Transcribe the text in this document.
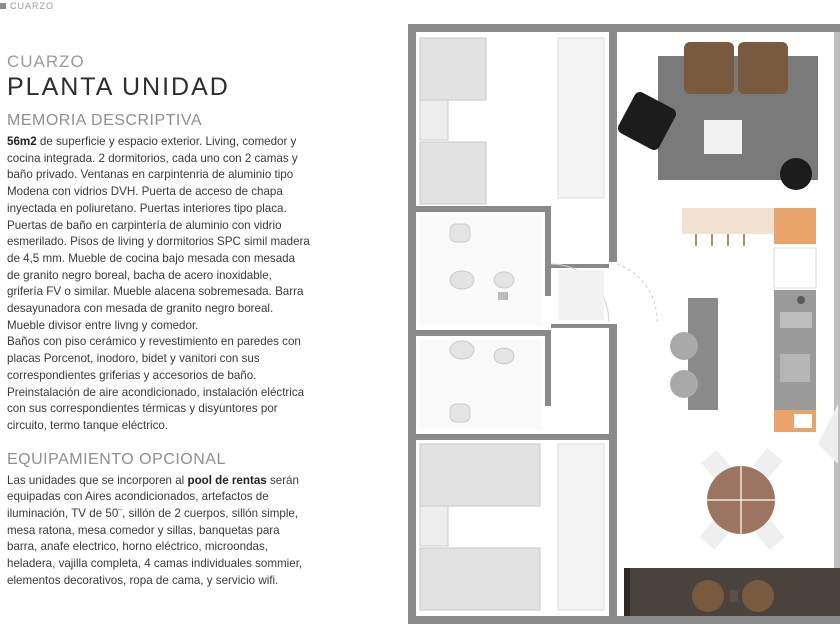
CUARZO

CUARZO

PLANTA UNIDAD
MEMORIA DESCRIPTIVA

56m2 de superficie y espacio exterior. Living, comedor y
cocina integrada. 2 dormitorios, cada uno con 2 camas y
baño privado. Ventanas en carpintenria de aluminio tipo
Modena con vidrios DVH. Puerta de acceso de chapa
inyectada en poliuretano. Puertas interiores tipo placa.
Puertas de baño en carpintería de aluminio con vidrio
esmerilado. Pisos de living y dormitorios SPC simil madera
de 4,5 mm. Mueble de cocina bajo mesada con mesada
de granito negro boreal, bacha de acero inoxidable,
grifería FV o similar. Mueble alacena sobremesada. Barra
desayunadora con mesada de granito negro boreal.
Mueble divisor entre livng y comedor.
Baños con piso cerámico y revestimiento en paredes con
placas Porcenot, inodoro, bidet y vanitori con sus
correspondientes griferias y accesorios de baño.
Preinstalación de aire acondicionado, instalación eléctrica
con sus correspondientes térmicas y disyuntores por
circuito, termo tanque eléctrico.

EQUIPAMIENTO OPCIONAL

Las unidades que se incorporen al pool de rentas serán
equipadas con Aires acondicionados, artefactos de
iluminación, TV de 50¨, sillón de 2 cuerpos, sillón simple,
mesa ratona, mesa comedor y sillas, banquetas para
barra, anafe electrico, horno eléctrico, microondas,
heladera, vajilla completa, 4 camas individuales sommier,
elementos decorativos, ropa de cama, y servicio wifi.
